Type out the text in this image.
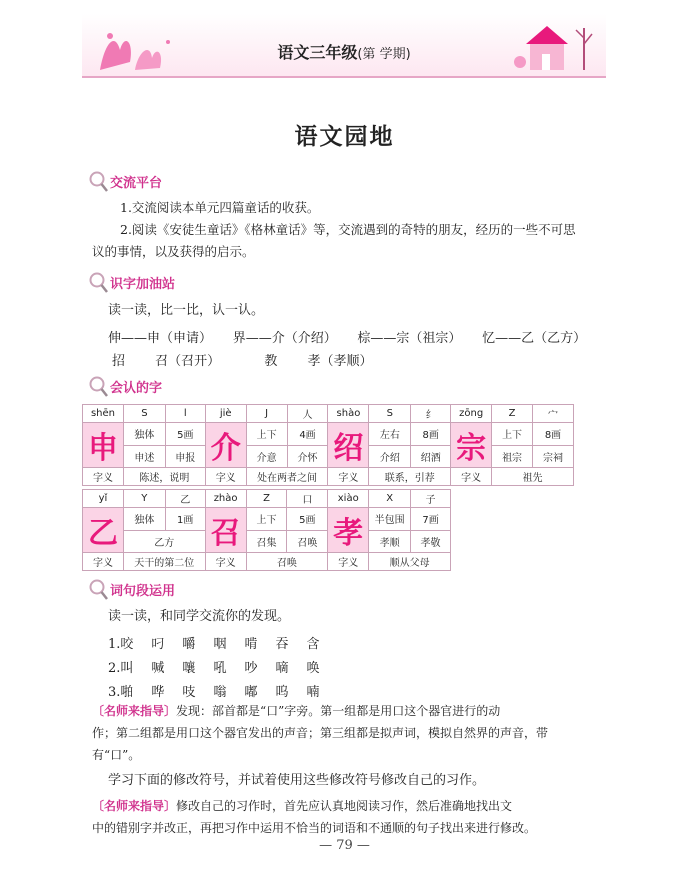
语文三年级(第 学期)
语文园地
交流平台
1.交流阅读本单元四篇童话的收获。
2.阅读《安徒生童话》《格林童话》等，交流遇到的奇特的朋友，经历的一些不可思
议的事情，以及获得的启示。
识字加油站
读一读，比一比，认一认。
伸——申（申请） 界——介（介绍） 棕——宗（祖宗） 忆——乙（乙方）
招 召（召开）	教 孝（孝顺）
会认的字
shēn	S	l	jiè	J	人	shào	S	纟	zōng	Z	宀
申	独体	5画	介	上下	4画	绍	左右	8画	宗	上下	8画
	申述	申报		介意	介怀		介绍	绍酒		祖宗	宗祠
字义	陈述，说明		字义	处在两者之间		字义	联系，引荐		字义	祖先	
yǐ	Y	乙	zhào	Z	口	xiào	X	子
乙	独体	1画	召	上下	5画	孝	半包围	7画
	乙方			召集	召唤		孝顺	孝敬
字义	天干的第二位		字义	召唤		字义	顺从父母	
词句段运用
读一读，和同学交流你的发现。
1.咬 叼 嚼 咽 啃 吞 含
2.叫 喊 嚷 吼 吵 嘀 唤
3.啪 哗 吱 嗡 嘟 呜 喃
〔名师来指导〕发现：部首都是“口”字旁。第一组都是用口这个器官进行的动
作；第二组都是用口这个器官发出的声音；第三组都是拟声词，模拟自然界的声音，带
有“口”。
学习下面的修改符号，并试着使用这些修改符号修改自己的习作。
〔名师来指导〕修改自己的习作时，首先应认真地阅读习作，然后准确地找出文
中的错别字并改正，再把习作中运用不恰当的词语和不通顺的句子找出来进行修改。
— 79 —
